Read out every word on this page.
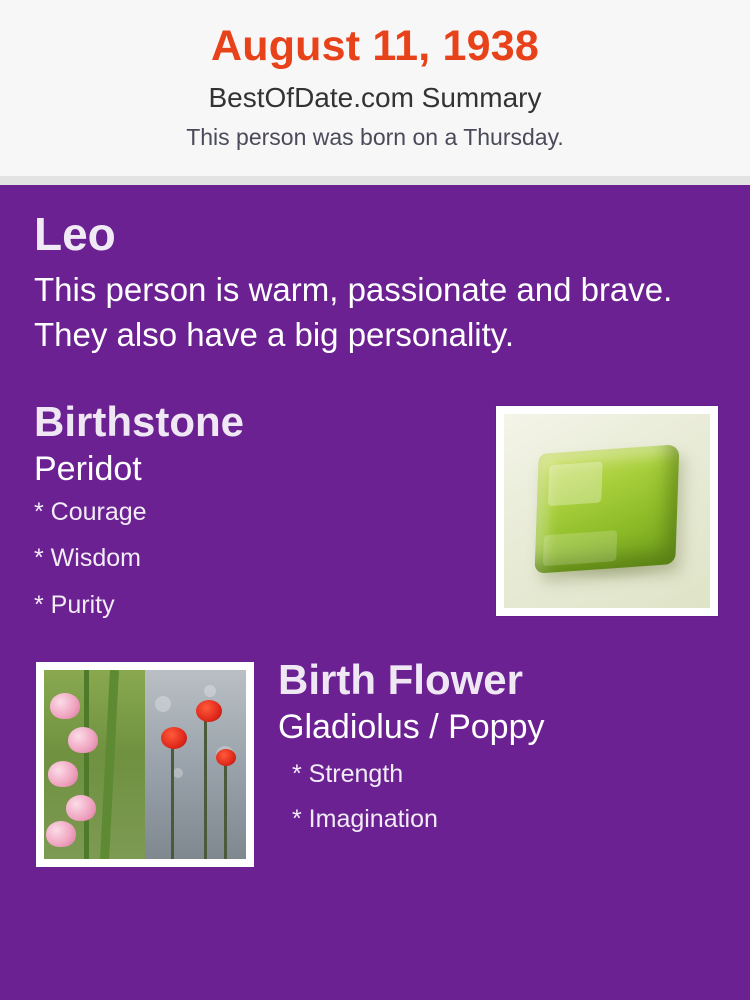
August 11, 1938
BestOfDate.com Summary
This person was born on a Thursday.
Leo
This person is warm, passionate and brave. They also have a big personality.
Birthstone
Peridot
* Courage
* Wisdom
* Purity
Birth Flower
Gladiolus / Poppy
* Strength
* Imagination
